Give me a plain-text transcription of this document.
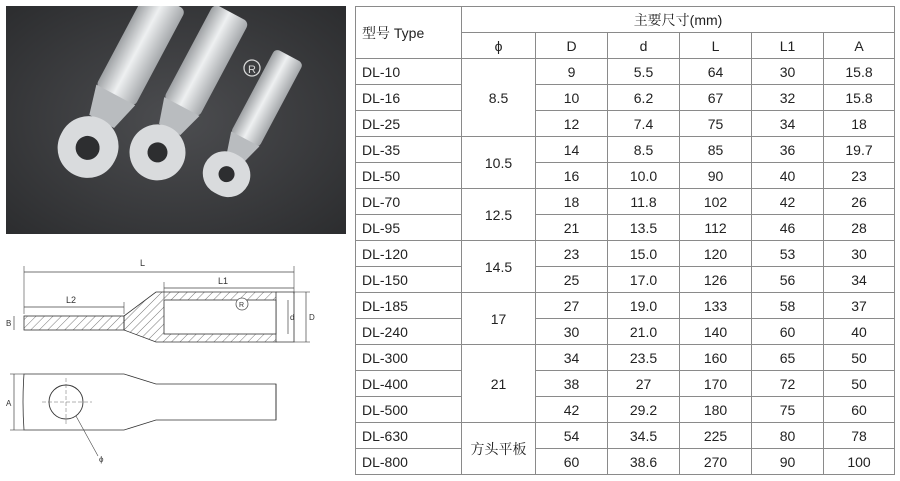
R
L
L1
L2
R
B
d D
A
ϕ
型号 Type	主要尺寸(mm)					
	ϕ	D	d	L	L1	A
DL-10	8.5	9	5.5	64	30	15.8
DL-16		10	6.2	67	32	15.8
DL-25		12	7.4	75	34	18
DL-35	10.5	14	8.5	85	36	19.7
DL-50		16	10.0	90	40	23
DL-70	12.5	18	11.8	102	42	26
DL-95		21	13.5	112	46	28
DL-120	14.5	23	15.0	120	53	30
DL-150		25	17.0	126	56	34
DL-185	17	27	19.0	133	58	37
DL-240		30	21.0	140	60	40
DL-300	21	34	23.5	160	65	50
DL-400		38	27	170	72	50
DL-500		42	29.2	180	75	60
DL-630	方头平板	54	34.5	225	80	78
DL-800		60	38.6	270	90	100
